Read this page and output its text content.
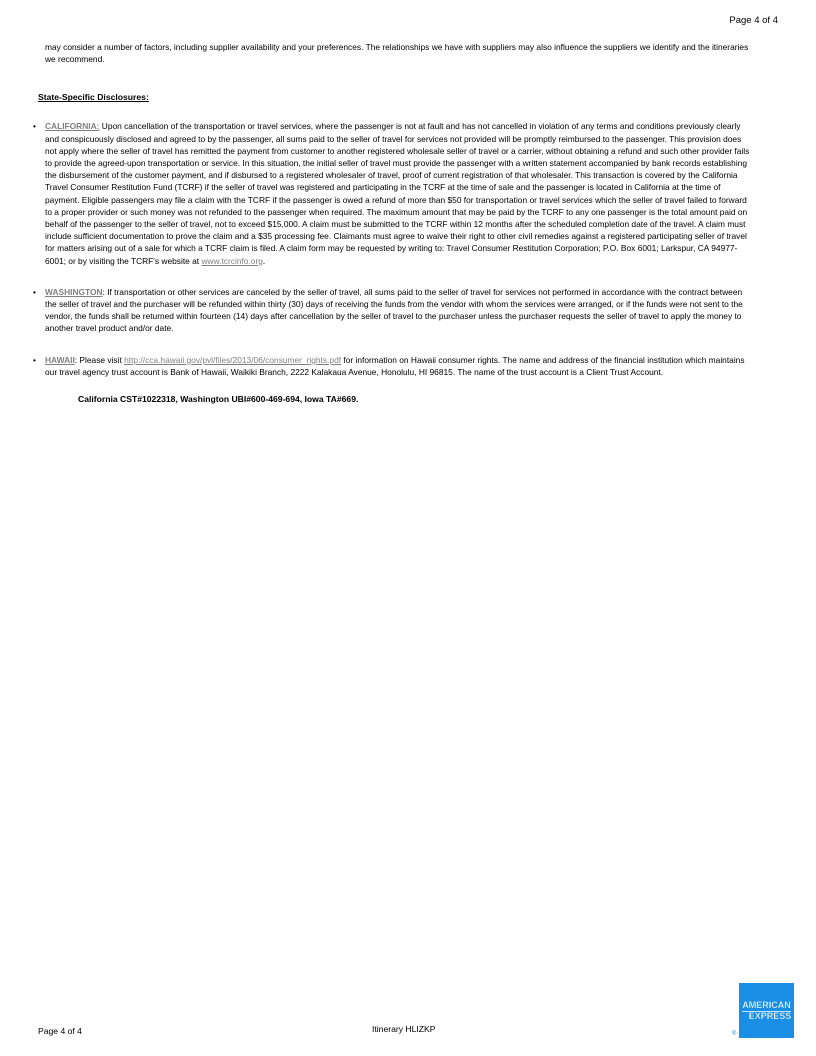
Page 4 of 4

may consider a number of factors, including supplier availability and your preferences. The relationships we have with suppliers may also influence the suppliers we identify and the itineraries we recommend.

State-Specific Disclosures:
• CALIFORNIA: Upon cancellation of the transportation or travel services, where the passenger is not at fault and has not cancelled in violation of any terms and conditions previously clearly and conspicuously disclosed and agreed to by the passenger, all sums paid to the seller of travel for services not provided will be promptly reimbursed to the passenger. This provision does not apply where the seller of travel has remitted the payment from customer to another registered wholesale seller of travel or a carrier, without obtaining a refund and such other provider fails to provide the agreed-upon transportation or service. In this situation, the initial seller of travel must provide the passenger with a written statement accompanied by bank records establishing the disbursement of the customer payment, and if disbursed to a registered wholesaler of travel, proof of current registration of that wholesaler. This transaction is covered by the California Travel Consumer Restitution Fund (TCRF) if the seller of travel was registered and participating in the TCRF at the time of sale and the passenger is located in California at the time of payment. Eligible passengers may file a claim with the TCRF if the passenger is owed a refund of more than $50 for transportation or travel services which the seller of travel failed to forward to a proper provider or such money was not refunded to the passenger when required. The maximum amount that may be paid by the TCRF to any one passenger is the total amount paid on behalf of the passenger to the seller of travel, not to exceed $15,000. A claim must be submitted to the TCRF within 12 months after the scheduled completion date of the travel. A claim must include sufficient documentation to prove the claim and a $35 processing fee. Claimants must agree to waive their right to other civil remedies against a registered participating seller of travel for matters arising out of a sale for which a TCRF claim is filed. A claim form may be requested by writing to: Travel Consumer Restitution Corporation; P.O. Box 6001; Larkspur, CA 94977-6001; or by visiting the TCRF's website at www.tcrcinfo.org.
• WASHINGTON: If transportation or other services are canceled by the seller of travel, all sums paid to the seller of travel for services not performed in accordance with the contract between the seller of travel and the purchaser will be refunded within thirty (30) days of receiving the funds from the vendor with whom the services were arranged, or if the funds were not sent to the vendor, the funds shall be returned within fourteen (14) days after cancellation by the seller of travel to the purchaser unless the purchaser requests the seller of travel to apply the money to another travel product and/or date.
• HAWAII: Please visit http://cca.hawaii.gov/pvl/files/2013/06/consumer_rights.pdf for information on Hawaii consumer rights. The name and address of the financial institution which maintains our travel agency trust account is Bank of Hawaii, Waikiki Branch, 2222 Kalakaua Avenue, Honolulu, HI 96815. The name of the trust account is a Client Trust Account.
California CST#1022318, Washington UBI#600-469-694, Iowa TA#669.
Page 4 of 4	Itinerary HLIZKP
AMERICAN
EXPRESS
®
